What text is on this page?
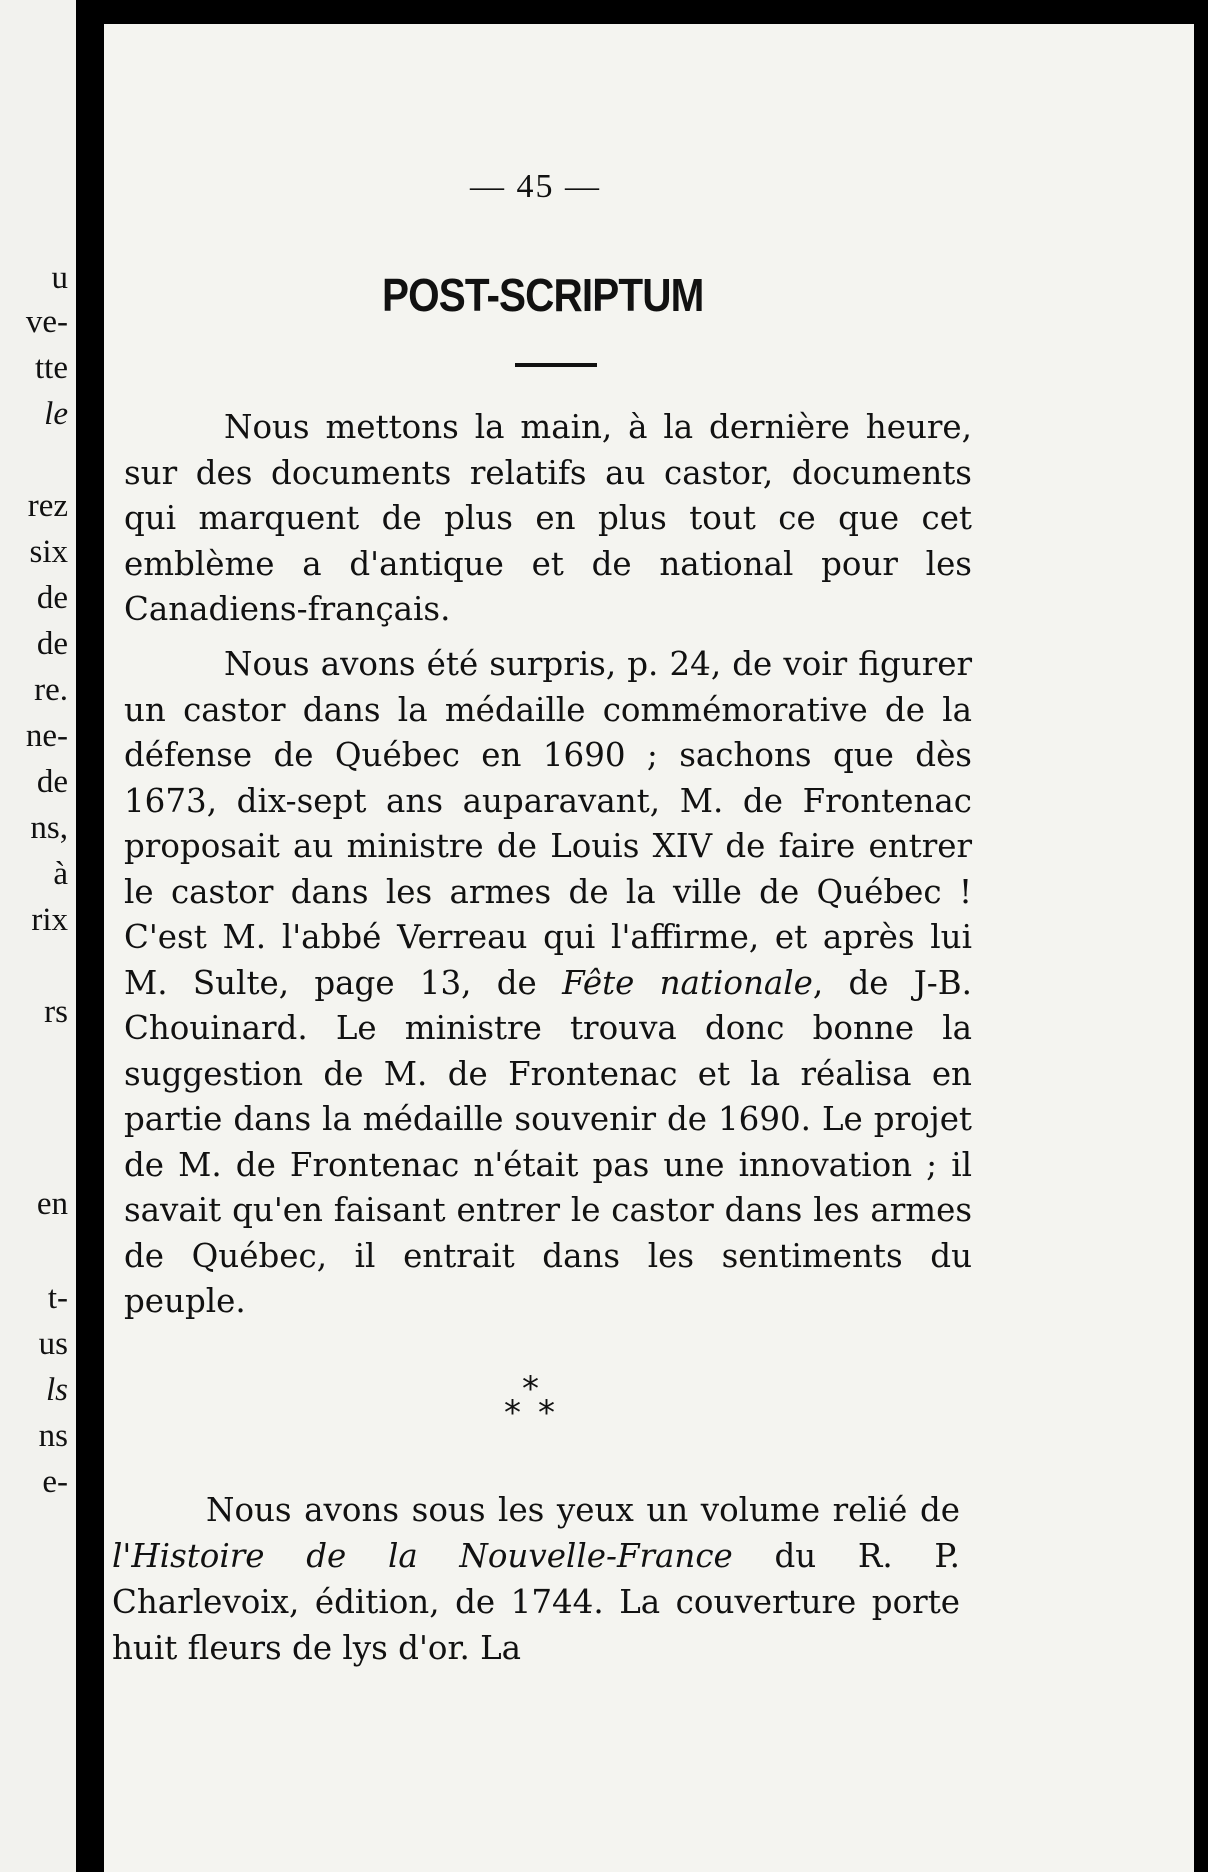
u
ve-
tte
le
rez
six
de
de
re.
ne-
de
ns,
à
rix
rs
en
t-
us
ls
ns
e-
— 45 —
POST-SCRIPTUM

Nous mettons la main, à la dernière heure, sur des documents relatifs au castor, documents qui marquent de plus en plus tout ce que cet emblème a d'antique et de national pour les Canadiens-français.

Nous avons été surpris, p. 24, de voir figurer un castor dans la médaille commémorative de la défense de Québec en 1690 ; sachons que dès 1673, dix-sept ans auparavant, M. de Frontenac proposait au ministre de Louis XIV de faire entrer le castor dans les armes de la ville de Québec ! C'est M. l'abbé Verreau qui l'affirme, et après lui M. Sulte, page 13, de Fête nationale, de J-B. Chouinard. Le ministre trouva donc bonne la suggestion de M. de Frontenac et la réalisa en partie dans la médaille souvenir de 1690. Le projet de M. de Frontenac n'était pas une innovation ; il savait qu'en faisant entrer le castor dans les armes de Québec, il entrait dans les sentiments du peuple.

*
* *

Nous avons sous les yeux un volume relié de l'Histoire de la Nouvelle-France du R. P. Charlevoix, édition, de 1744. La couverture porte huit fleurs de lys d'or. La
